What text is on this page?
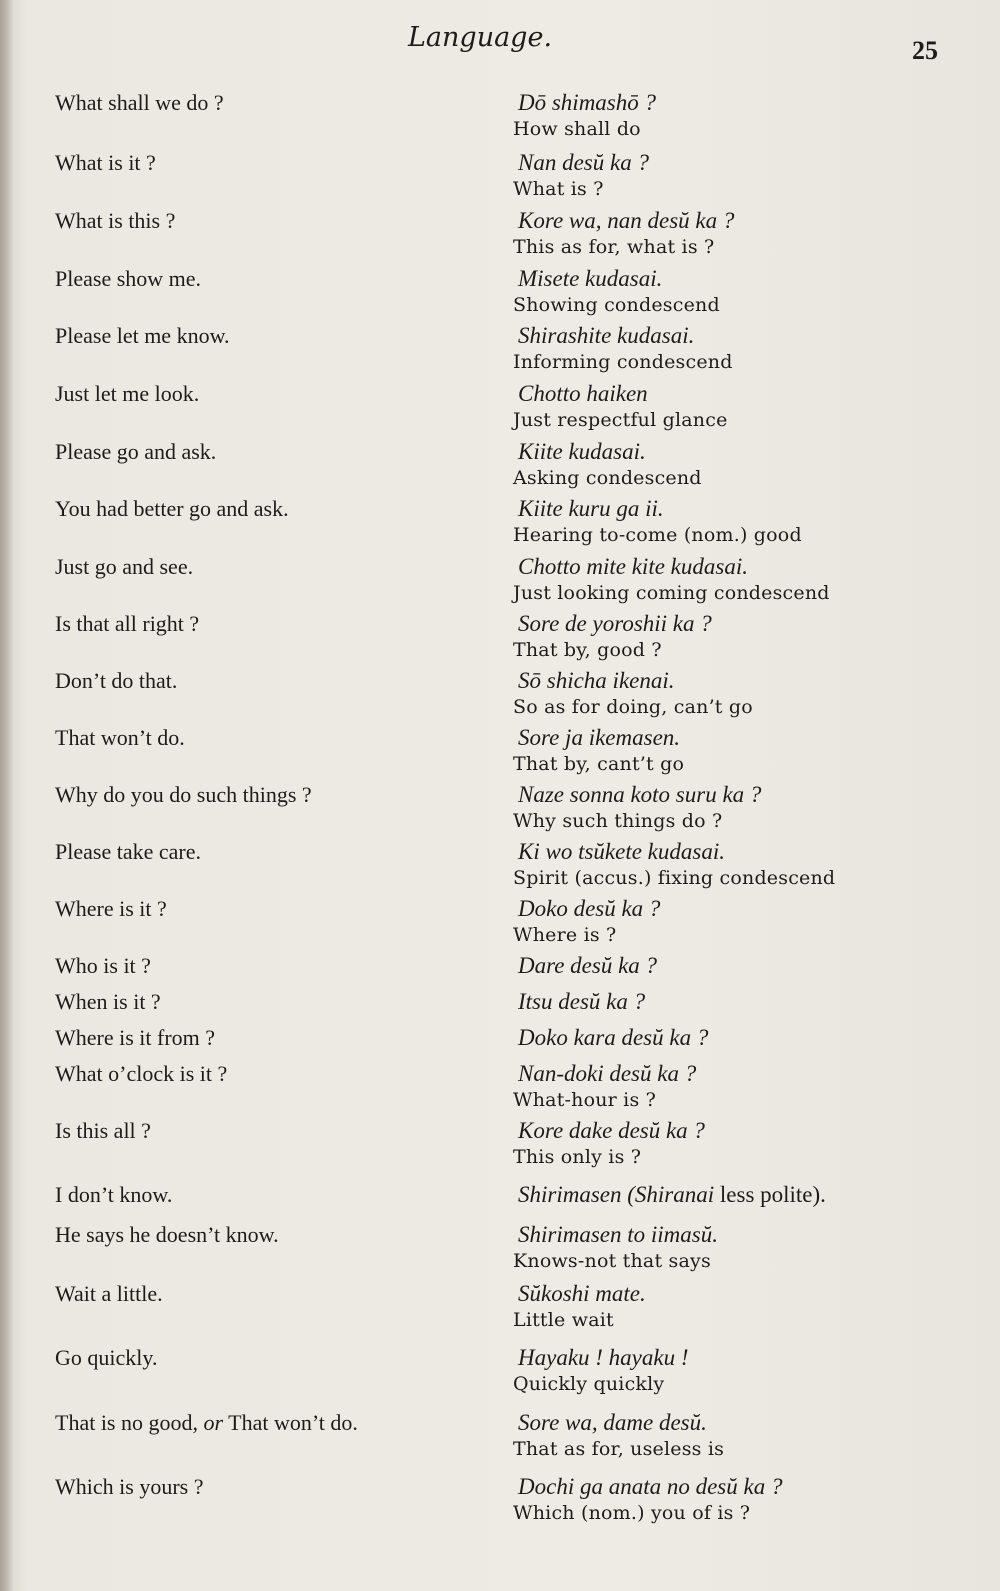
Language.	25
What shall we do ?	Dō shimashō ?
How shall do
What is it ?	Nan desŭ ka ?
What is ?
What is this ?	Kore wa, nan desŭ ka ?
This as for, what is ?
Please show me.	Misete kudasai.
Showing condescend
Please let me know.	Shirashite kudasai.
Informing condescend
Just let me look.	Chotto haiken
Just respectful glance
Please go and ask.	Kiite kudasai.
Asking condescend
You had better go and ask.	Kiite kuru ga ii.
Hearing to-come (nom.) good
Just go and see.	Chotto mite kite kudasai.
Just looking coming condescend
Is that all right ?	Sore de yoroshii ka ?
That by, good ?
Don’t do that.	Sō shicha ikenai.
So as for doing, can’t go
That won’t do.	Sore ja ikemasen.
That by, cant’t go
Why do you do such things ?	Naze sonna koto suru ka ?
Why such things do ?
Please take care.	Ki wo tsŭkete kudasai.
Spirit (accus.) fixing condescend
Where is it ?	Doko desŭ ka ?
Where is ?
Who is it ?	Dare desŭ ka ?
When is it ?	Itsu desŭ ka ?
Where is it from ?	Doko kara desŭ ka ?
What o’clock is it ?	Nan-doki desŭ ka ?
What-hour is ?
Is this all ?	Kore dake desŭ ka ?
This only is ?
I don’t know.	Shirimasen (Shiranai less polite).
He says he doesn’t know.	Shirimasen to iimasŭ.
Knows-not that says
Wait a little.	Sŭkoshi mate.
Little wait
Go quickly.	Hayaku ! hayaku !
Quickly quickly
That is no good, or That won’t do.	Sore wa, dame desŭ.
That as for, useless is
Which is yours ?	Dochi ga anata no desŭ ka ?
Which (nom.) you of is ?
